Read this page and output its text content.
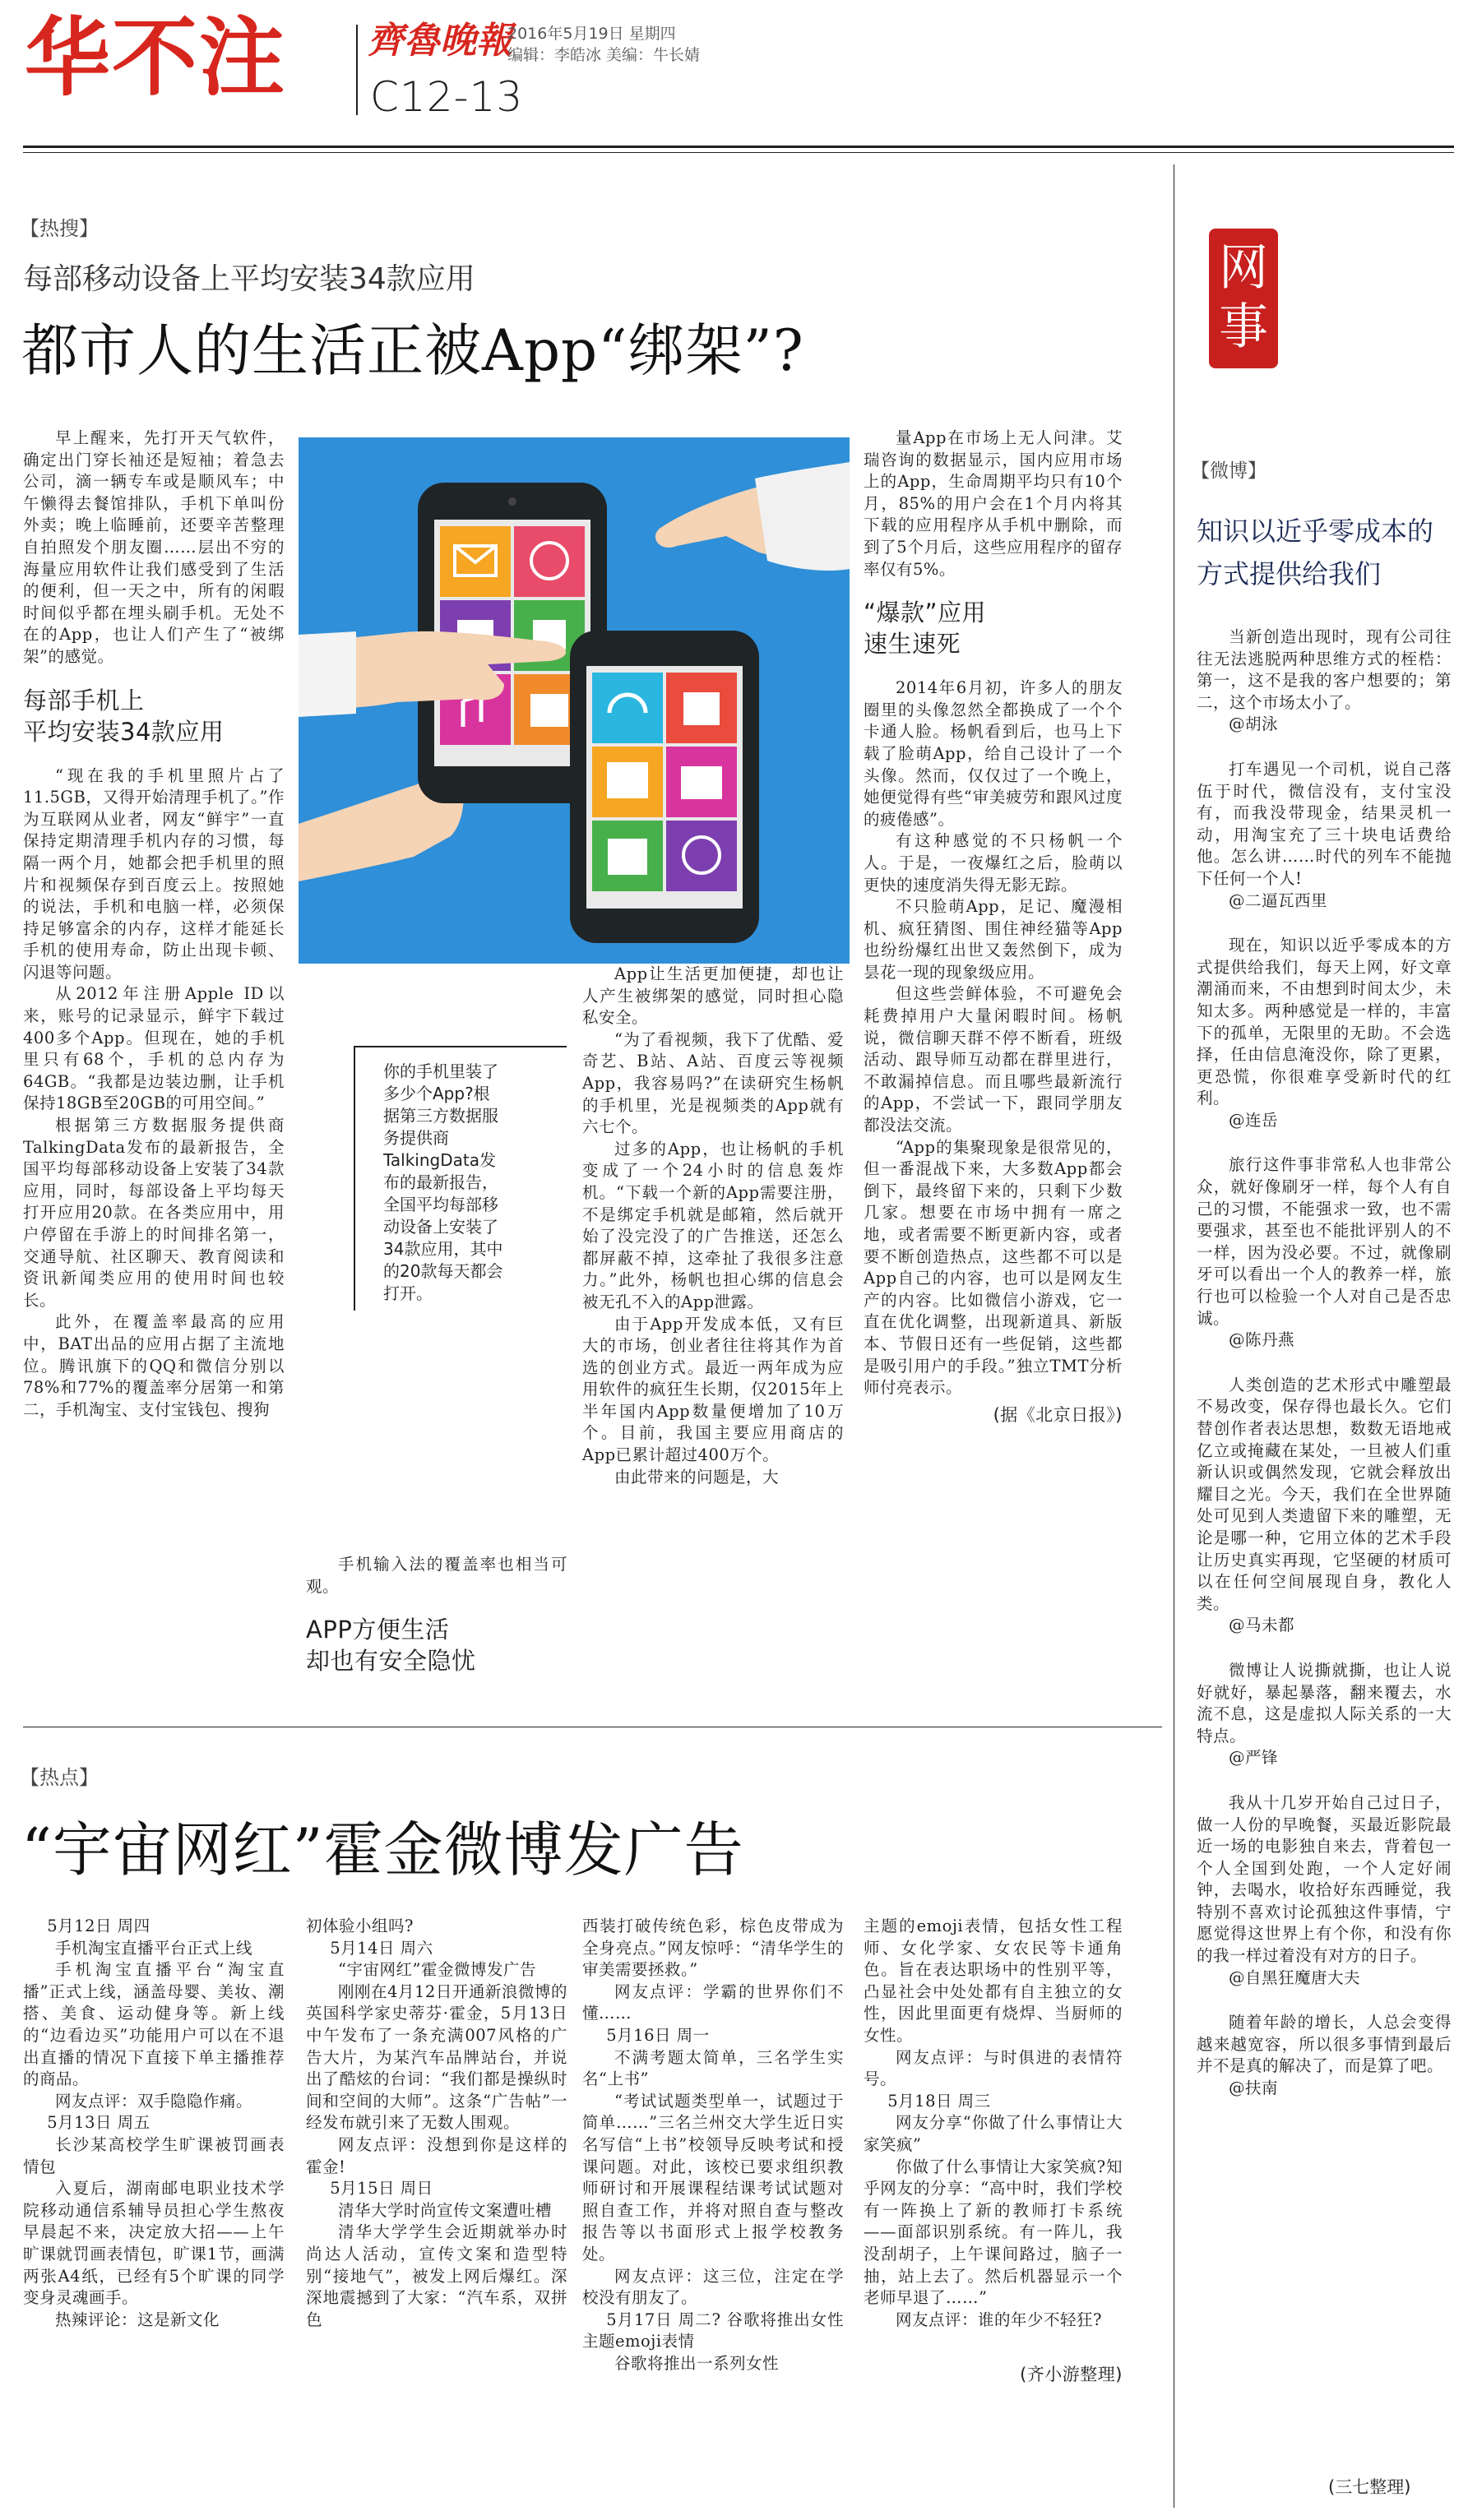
华不注 齊魯晚報
2016年5月19日 星期四
编辑：李皓冰 美编：牛长婧
C12-13
【热搜】
每部移动设备上平均安装34款应用
都市人的生活正被App“绑架”?

早上醒来，先打开天气软件，确定出门穿长袖还是短袖；着急去公司，滴一辆专车或是顺风车；中午懒得去餐馆排队，手机下单叫份外卖；晚上临睡前，还要辛苦整理自拍照发个朋友圈……层出不穷的海量应用软件让我们感受到了生活的便利，但一天之中，所有的闲暇时间似乎都在埋头刷手机。无处不在的App，也让人们产生了“被绑架”的感觉。

每部手机上
平均安装34款应用

“现在我的手机里照片占了11.5GB，又得开始清理手机了。”作为互联网从业者，网友“鲜宇”一直保持定期清理手机内存的习惯，每隔一两个月，她都会把手机里的照片和视频保存到百度云上。按照她的说法，手机和电脑一样，必须保持足够富余的内存，这样才能延长手机的使用寿命，防止出现卡顿、闪退等问题。

从2012年注册Apple ID以来，账号的记录显示，鲜宇下载过400多个App。但现在，她的手机里只有68个，手机的总内存为64GB。“我都是边装边删，让手机保持18GB至20GB的可用空间。”

根据第三方数据服务提供商TalkingData发布的最新报告，全国平均每部移动设备上安装了34款应用，同时，每部设备上平均每天打开应用20款。在各类应用中，用户停留在手游上的时间排名第一，交通导航、社区聊天、教育阅读和资讯新闻类应用的使用时间也较长。

此外，在覆盖率最高的应用中，BAT出品的应用占据了主流地位。腾讯旗下的QQ和微信分别以78%和77%的覆盖率分居第一和第二，手机淘宝、支付宝钱包、搜狗

你的手机里装了多少个App?根据第三方数据服务提供商TalkingData发布的最新报告，全国平均每部移动设备上安装了34款应用，其中的20款每天都会打开。

手机输入法的覆盖率也相当可观。

APP方便生活
却也有安全隐忧

App让生活更加便捷，却也让人产生被绑架的感觉，同时担心隐私安全。

“为了看视频，我下了优酷、爱奇艺、B站、A站、百度云等视频App，我容易吗?”在读研究生杨帆的手机里，光是视频类的App就有六七个。

过多的App，也让杨帆的手机变成了一个24小时的信息轰炸机。“下载一个新的App需要注册，不是绑定手机就是邮箱，然后就开始了没完没了的广告推送，还怎么都屏蔽不掉，这牵扯了我很多注意力。”此外，杨帆也担心绑的信息会被无孔不入的App泄露。

由于App开发成本低，又有巨大的市场，创业者往往将其作为首选的创业方式。最近一两年成为应用软件的疯狂生长期，仅2015年上半年国内App数量便增加了10万个。目前，我国主要应用商店的App已累计超过400万个。

由此带来的问题是，大

量App在市场上无人问津。艾瑞咨询的数据显示，国内应用市场上的App，生命周期平均只有10个月，85%的用户会在1个月内将其下载的应用程序从手机中删除，而到了5个月后，这些应用程序的留存率仅有5%。

“爆款”应用
速生速死

2014年6月初，许多人的朋友圈里的头像忽然全都换成了一个个卡通人脸。杨帆看到后，也马上下载了脸萌App，给自己设计了一个头像。然而，仅仅过了一个晚上，她便觉得有些“审美疲劳和跟风过度的疲倦感”。

有这种感觉的不只杨帆一个人。于是，一夜爆红之后，脸萌以更快的速度消失得无影无踪。

不只脸萌App，足记、魔漫相机、疯狂猜图、围住神经猫等App也纷纷爆红出世又轰然倒下，成为昙花一现的现象级应用。

但这些尝鲜体验，不可避免会耗费掉用户大量闲暇时间。杨帆说，微信聊天群不停不断看，班级活动、跟导师互动都在群里进行，不敢漏掉信息。而且哪些最新流行的App，不尝试一下，跟同学朋友都没法交流。

“App的集聚现象是很常见的，但一番混战下来，大多数App都会倒下，最终留下来的，只剩下少数几家。想要在市场中拥有一席之地，或者需要不断更新内容，或者要不断创造热点，这些都不可以是App自己的内容，也可以是网友生产的内容。比如微信小游戏，它一直在优化调整，出现新道具、新版本、节假日还有一些促销，这些都是吸引用户的手段。”独立TMT分析师付亮表示。

(据《北京日报》)
网事
【微博】
知识以近乎零成本的方式提供给我们

当新创造出现时，现有公司往往无法逃脱两种思维方式的桎梏：第一，这不是我的客户想要的；第二，这个市场太小了。

@胡泳

打车遇见一个司机，说自己落伍于时代，微信没有，支付宝没有，而我没带现金，结果灵机一动，用淘宝充了三十块电话费给他。怎么讲……时代的列车不能抛下任何一个人!

@二逼瓦西里

现在，知识以近乎零成本的方式提供给我们，每天上网，好文章潮涌而来，不由想到时间太少，未知太多。两种感觉是一样的，丰富下的孤单，无限里的无助。不会选择，任由信息淹没你，除了更累，更恐慌，你很难享受新时代的红利。

@连岳

旅行这件事非常私人也非常公众，就好像刷牙一样，每个人有自己的习惯，不能强求一致，也不需要强求，甚至也不能批评别人的不一样，因为没必要。不过，就像刷牙可以看出一个人的教养一样，旅行也可以检验一个人对自己是否忠诚。

@陈丹燕

人类创造的艺术形式中雕塑最不易改变，保存得也最长久。它们替创作者表达思想，数数无语地戒亿立或掩藏在某处，一旦被人们重新认识或偶然发现，它就会释放出耀目之光。今天，我们在全世界随处可见到人类遗留下来的雕塑，无论是哪一种，它用立体的艺术手段让历史真实再现，它坚硬的材质可以在任何空间展现自身，教化人类。

@马未都

微博让人说撕就撕，也让人说好就好，暴起暴落，翻来覆去，水流不息，这是虚拟人际关系的一大特点。

@严锋

我从十几岁开始自己过日子，做一人份的早晚餐，买最近影院最近一场的电影独自来去，背着包一个人全国到处跑，一个人定好闹钟，去喝水，收拾好东西睡觉，我特别不喜欢讨论孤独这件事情，宁愿觉得这世界上有个你，和没有你的我一样过着没有对方的日子。

@自黑狂魔唐大夫

随着年龄的增长，人总会变得越来越宽容，所以很多事情到最后并不是真的解决了，而是算了吧。

@扶南
(三七整理)
【热点】
“宇宙网红”霍金微博发广告

5月12日 周四

手机淘宝直播平台正式上线

手机淘宝直播平台“淘宝直播”正式上线，涵盖母婴、美妆、潮搭、美食、运动健身等。新上线的“边看边买”功能用户可以在不退出直播的情况下直接下单主播推荐的商品。

网友点评：双手隐隐作痛。

5月13日 周五

长沙某高校学生旷课被罚画表情包

入夏后，湖南邮电职业技术学院移动通信系辅导员担心学生熬夜早晨起不来，决定放大招——上午旷课就罚画表情包，旷课1节，画满两张A4纸，已经有5个旷课的同学变身灵魂画手。

热辣评论：这是新文化

初体验小组吗?

5月14日 周六

“宇宙网红”霍金微博发广告

刚刚在4月12日开通新浪微博的英国科学家史蒂芬·霍金，5月13日中午发布了一条充满007风格的广告大片，为某汽车品牌站台，并说出了酷炫的台词：“我们都是操纵时间和空间的大师”。这条“广告帖”一经发布就引来了无数人围观。

网友点评：没想到你是这样的霍金!

5月15日 周日

清华大学时尚宣传文案遭吐槽

清华大学学生会近期就举办时尚达人活动，宣传文案和造型特别“接地气”，被发上网后爆红。深深地震撼到了大家：“汽车系，双拼色

西装打破传统色彩，棕色皮带成为全身亮点。”网友惊呼：“清华学生的审美需要拯救。”

网友点评：学霸的世界你们不懂……

5月16日 周一

不满考题太简单，三名学生实名“上书”

“考试试题类型单一，试题过于简单……”三名兰州交大学生近日实名写信“上书”校领导反映考试和授课问题。对此，该校已要求组织教师研讨和开展课程结课考试试题对照自查工作，并将对照自查与整改报告等以书面形式上报学校教务处。

网友点评：这三位，注定在学校没有朋友了。

5月17日 周二? 谷歌将推出女性主题emoji表情

谷歌将推出一系列女性

主题的emoji表情，包括女性工程师、女化学家、女农民等卡通角色。旨在表达职场中的性别平等，凸显社会中处处都有自主独立的女性，因此里面更有烧焊、当厨师的女性。

网友点评：与时俱进的表情符号。

5月18日 周三

网友分享“你做了什么事情让大家笑疯”

你做了什么事情让大家笑疯?知乎网友的分享：“高中时，我们学校有一阵换上了新的教师打卡系统——面部识别系统。有一阵儿，我没刮胡子，上午课间路过，脑子一抽，站上去了。然后机器显示一个老师早退了……”

网友点评：谁的年少不轻狂?

(齐小游整理)
